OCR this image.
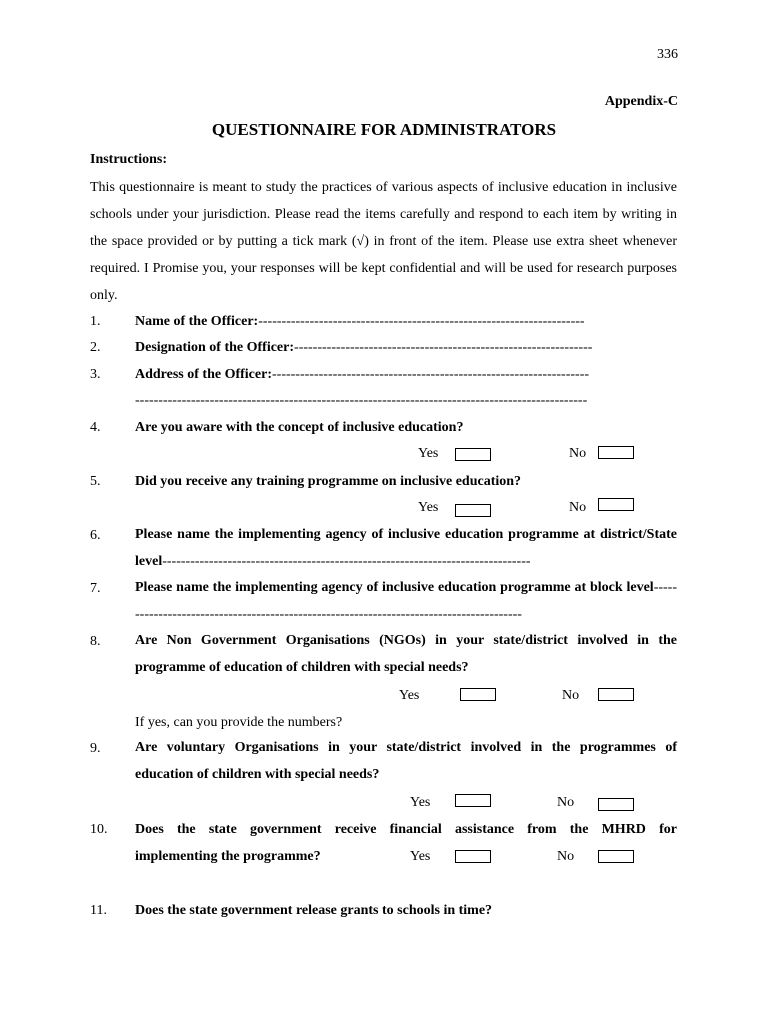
336
Appendix-C
QUESTIONNAIRE FOR ADMINISTRATORS
Instructions:
This questionnaire is meant to study the practices of various aspects of inclusive education in inclusive schools under your jurisdiction. Please read the items carefully and respond to each item by writing in the space provided or by putting a tick mark (√) in front of the item. Please use extra sheet whenever required. I Promise you, your responses will be kept confidential and will be used for research purposes only.
1. Name of the Officer:----------------------------------------------------------------------
2. Designation of the Officer:----------------------------------------------------------------
3. Address of the Officer:--------------------------------------------------------------------
-------------------------------------------------------------------------------------------------
4. Are you aware with the concept of inclusive education?
Yes	No
5. Did you receive any training programme on inclusive education?
Yes	No
6. Please name the implementing agency of inclusive education programme at district/State level-------------------------------------------------------------------------------
7. Please name the implementing agency of inclusive education programme at block level----------------------------------------------------------------------------------------
8. Are Non Government Organisations (NGOs) in your state/district involved in the programme of education of children with special needs?
Yes	No
If yes, can you provide the numbers?
9. Are voluntary Organisations in your state/district involved in the programmes of education of children with special needs?
Yes	No
10. Does the state government receive financial assistance from the MHRD for
implementing the programme?	Yes	No
11. Does the state government release grants to schools in time?
